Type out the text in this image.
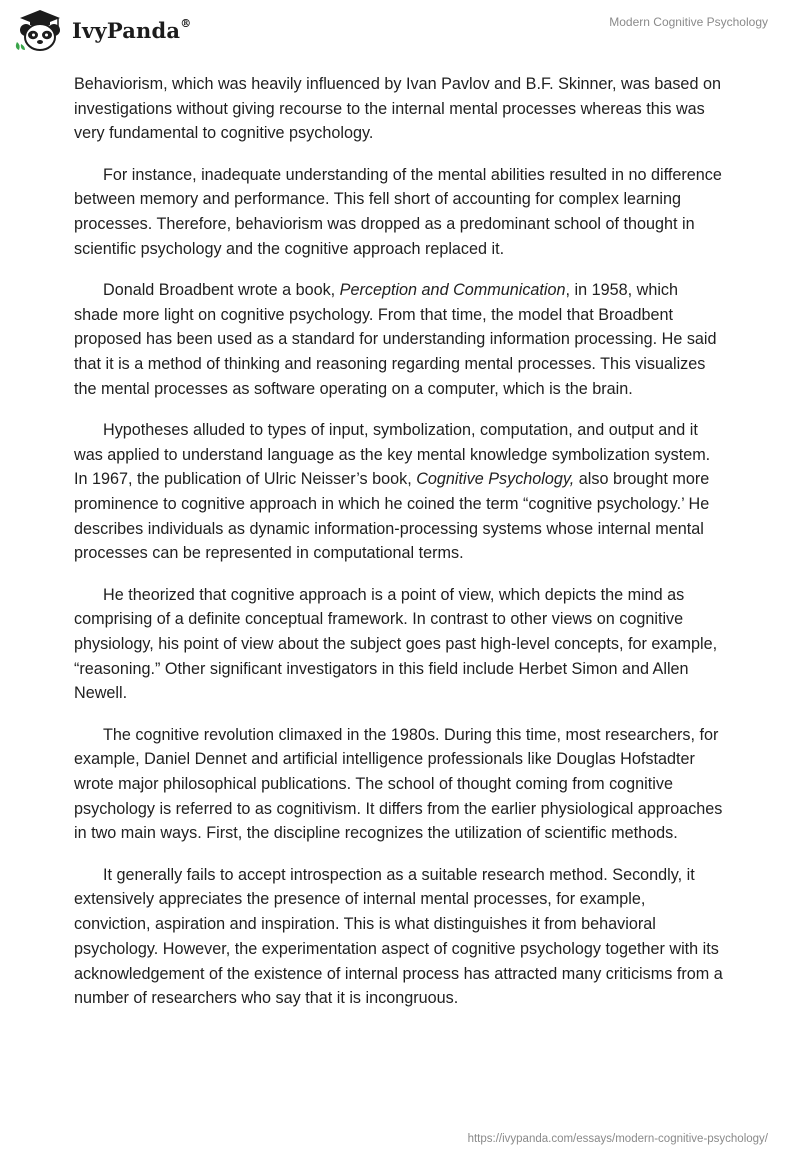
IvyPanda®	Modern Cognitive Psychology

Behaviorism, which was heavily influenced by Ivan Pavlov and B.F. Skinner, was based on investigations without giving recourse to the internal mental processes whereas this was very fundamental to cognitive psychology.

For instance, inadequate understanding of the mental abilities resulted in no difference between memory and performance. This fell short of accounting for complex learning processes. Therefore, behaviorism was dropped as a predominant school of thought in scientific psychology and the cognitive approach replaced it.

Donald Broadbent wrote a book, Perception and Communication, in 1958, which shade more light on cognitive psychology. From that time, the model that Broadbent proposed has been used as a standard for understanding information processing. He said that it is a method of thinking and reasoning regarding mental processes. This visualizes the mental processes as software operating on a computer, which is the brain.

Hypotheses alluded to types of input, symbolization, computation, and output and it was applied to understand language as the key mental knowledge symbolization system. In 1967, the publication of Ulric Neisser’s book, Cognitive Psychology, also brought more prominence to cognitive approach in which he coined the term “cognitive psychology.’ He describes individuals as dynamic information-processing systems whose internal mental processes can be represented in computational terms.

He theorized that cognitive approach is a point of view, which depicts the mind as comprising of a definite conceptual framework. In contrast to other views on cognitive physiology, his point of view about the subject goes past high-level concepts, for example, “reasoning.” Other significant investigators in this field include Herbet Simon and Allen Newell.

The cognitive revolution climaxed in the 1980s. During this time, most researchers, for example, Daniel Dennet and artificial intelligence professionals like Douglas Hofstadter wrote major philosophical publications. The school of thought coming from cognitive psychology is referred to as cognitivism. It differs from the earlier physiological approaches in two main ways. First, the discipline recognizes the utilization of scientific methods.

It generally fails to accept introspection as a suitable research method. Secondly, it extensively appreciates the presence of internal mental processes, for example, conviction, aspiration and inspiration. This is what distinguishes it from behavioral psychology. However, the experimentation aspect of cognitive psychology together with its acknowledgement of the existence of internal process has attracted many criticisms from a number of researchers who say that it is incongruous.

https://ivypanda.com/essays/modern-cognitive-psychology/
